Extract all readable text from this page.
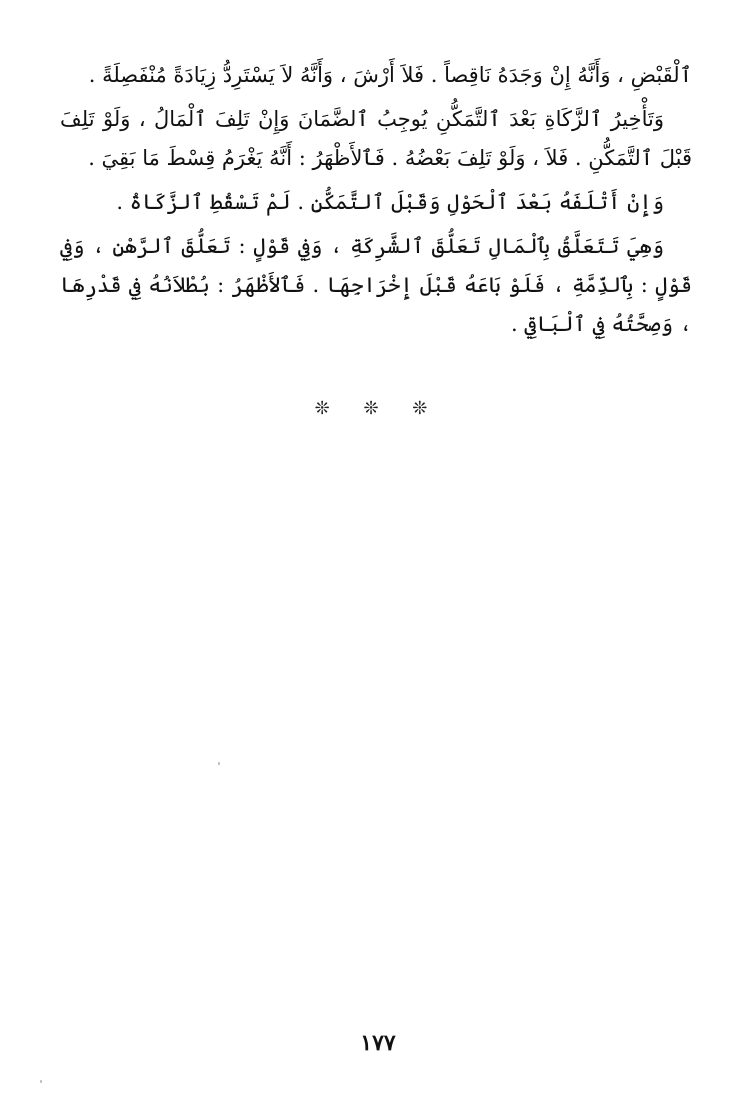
ٱلْقَبْضِ ، وَأَنَّهُ إِنْ وَجَدَهُ نَاقِصاً . فَلاَ أَرْشَ ، وَأَنَّهُ لاَ يَسْتَرِدُّ زِيَادَةً مُنْفَصِلَةً .

وَتَأْخِيرُ ٱلزَّكَاةِ بَعْدَ ٱلتَّمَكُّنِ يُوجِبُ ٱلضَّمَانَ وَإِنْ تَلِفَ ٱلْمَالُ ، وَلَوْ تَلِفَ قَبْلَ ٱلتَّمَكُّنِ . فَلاَ ، وَلَوْ تَلِفَ بَعْضُهُ . فَٱلأَظْهَرُ : أَنَّهُ يَغْرَمُ قِسْطَ مَا بَقِيَ .

وَإِنْ أَتْلَفَهُ بَعْدَ ٱلْحَوْلِ وَقَبْلَ ٱلتَّمَكُّنِ . لَمْ تَسْقُطِ ٱلزَّكَاةُ .

وَهِيَ تَتَعَلَّقُ بِٱلْمَالِ تَعَلُّقَ ٱلشَّرِكَةِ ، وَفِي قَوْلٍ : تَعَلُّقَ ٱلرَّهْنِ ، وَفِي قَوْلٍ : بِٱلذِّمَّةِ ، فَلَوْ بَاعَهُ قَبْلَ إِخْرَاجِهَا . فَٱلأَظْهَرُ : بُطْلاَنُهُ فِي قَدْرِهَا ، وَصِحَّتُهُ فِي ٱلْبَاقِي .

❊ ❊ ❊
١٧٧
